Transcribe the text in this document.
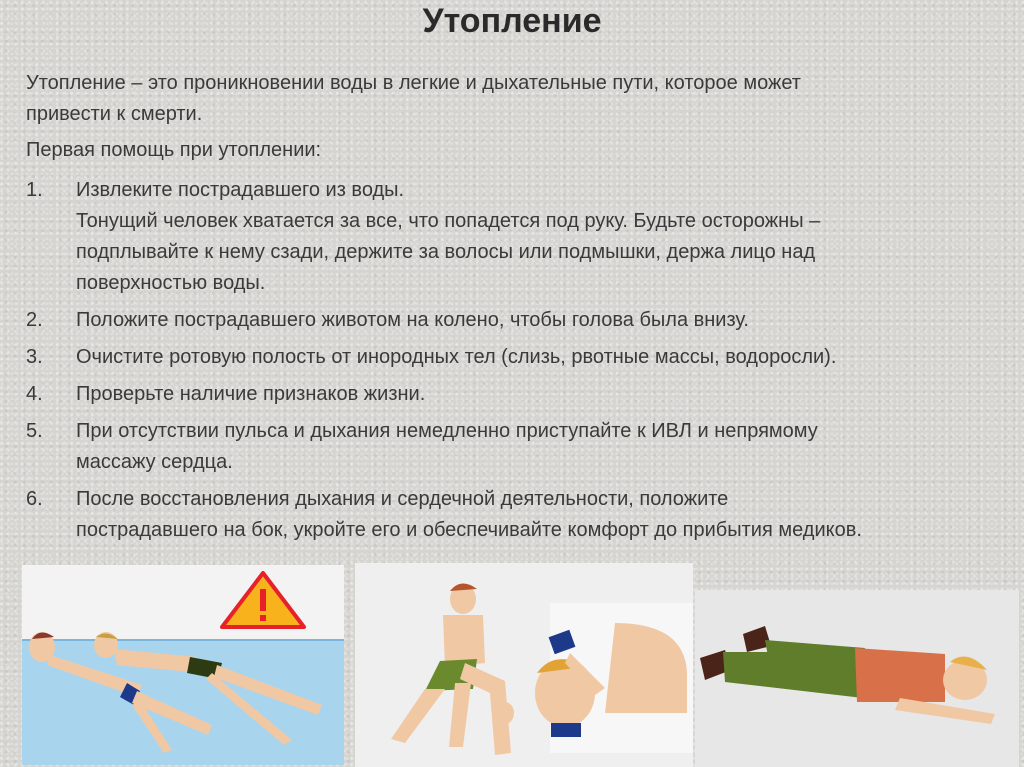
Утопление
Утопление – это проникновении воды в легкие и дыхательные пути, которое может
привести к смерти.
Первая помощь при утоплении:
1. Извлеките пострадавшего из воды.
Тонущий человек хватается за все, что попадется под руку. Будьте осторожны –
подплывайте к нему сзади, держите за волосы или подмышки, держа лицо над
поверхностью воды.
2. Положите пострадавшего животом на колено, чтобы голова была внизу.
3. Очистите ротовую полость от инородных тел (слизь, рвотные массы, водоросли).
4. Проверьте наличие признаков жизни.
5. При отсутствии пульса и дыхания немедленно приступайте к ИВЛ и непрямому
массажу сердца.
6. После восстановления дыхания и сердечной деятельности, положите
пострадавшего на бок, укройте его и обеспечивайте комфорт до прибытия медиков.
